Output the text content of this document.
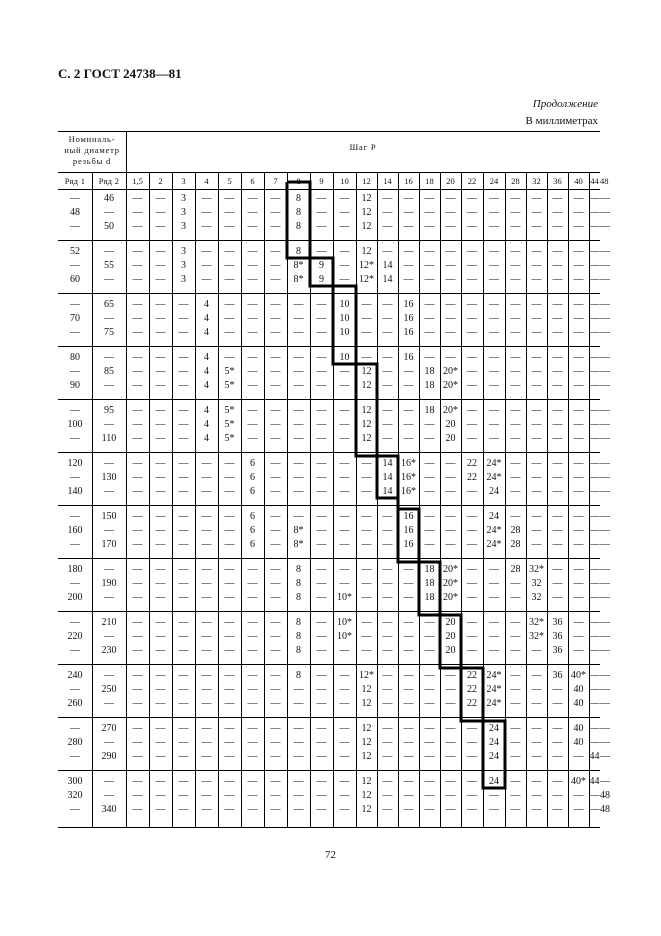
С. 2 ГОСТ 24738—81
Продолжение
В миллиметрах
Номиналь-
ный диаметр
резьбы d
Шаг P
Ряд 1	Ряд 2	1,5	2	3	4	5	6	7	8	9	10	12	14	16	18	20	22	24	28	32	36	40 44 48
—	46	—	—	3	—	—	—	—	8	—	—	12	—	—	—	—	—	—	—	—	—	— — —
48	—	—	—	3	—	—	—	—	8	—	—	12	—	—	—	—	—	—	—	—	—	— — —
—	50	—	—	3	—	—	—	—	8	—	—	12	—	—	—	—	—	—	—	—	—	— — —
52	—	—	—	3	—	—	—	—	8	—	—	12	—	—	—	—	—	—	—	—	—	— — —
—	55	—	—	3	—	—	—	—	8*	9	— 12* 14	—	—	—	—	—	—	—	—	— — —
60	—	—	—	3	—	—	—	—	8*	9	— 12* 14	—	—	—	—	—	—	—	—	— — —
—	65	—	—	—	4	—	—	—	—	—	10	—	—	16	—	—	—	—	—	—	—	— — —
70	—	—	—	—	4	—	—	—	—	—	10	—	—	16	—	—	—	—	—	—	—	— — —
—	75	—	—	—	4	—	—	—	—	—	10	—	—	16	—	—	—	—	—	—	—	— — —
80	—	—	—	—	4	—	—	—	—	—	10	—	—	16	—	—	—	—	—	—	—	— — —
—	85	—	—	—	4	5*	—	—	—	—	—	12	—	—	18 20* —	—	—	—	—	— — —
90	—	—	—	—	4	5*	—	—	—	—	—	12	—	—	18 20* —	—	—	—	—	— — —
—	95	—	—	—	4	5*	—	—	—	—	—	12	—	—	18 20* —	—	—	—	—	— — —
100	—	—	—	—	4	5*	—	—	—	—	—	12	—	—	—	20	—	—	—	—	—	— — —
—	110	—	—	—	4	5*	—	—	—	—	—	12	—	—	—	20	—	—	—	—	—	— — —
120	—	—	—	—	—	—	6	—	—	—	—	—	14 16* —	—	22 24* —	—	—	— — —
—	130	—	—	—	—	—	6	—	—	—	—	—	14 16* —	—	22 24* —	—	—	— — —
140	—	—	—	—	—	—	6	—	—	—	—	—	14 16* —	—	—	24	—	—	—	— — —
—	150	—	—	—	—	—	6	—	—	—	—	—	—	16	—	—	—	24	—	—	—	— — —
160	—	—	—	—	—	—	6	—	8*	—	—	—	—	16	—	—	— 24* 28	—	—	— — —
—	170	—	—	—	—	—	6	—	8*	—	—	—	—	16	—	—	— 24* 28	—	—	— — —
180	—	—	—	—	—	—	—	—	8	—	—	—	—	—	18 20* —	—	28 32* —	— — —
—	190	—	—	—	—	—	—	—	8	—	—	—	—	—	18 20* —	—	—	32	—	— — —
200	—	—	—	—	—	—	—	—	8	—	10* —	—	—	18 20* —	—	—	32	—	— — —
—	210	—	—	—	—	—	—	—	8	—	10* —	—	—	—	20	—	—	— 32* 36	— — —
220	—	—	—	—	—	—	—	—	8	—	10* —	—	—	—	20	—	—	— 32* 36	— — —
—	230	—	—	—	—	—	—	—	8	—	—	—	—	—	—	20	—	—	—	—	36	— — —
240	—	—	—	—	—	—	—	—	8	—	— 12* —	—	—	—	22 24* —	—	36 40* — —
—	250	—	—	—	—	—	—	—	—	—	—	12	—	—	—	—	22 24* —	—	—	40 — —
260	—	—	—	—	—	—	—	—	—	—	—	12	—	—	—	—	22 24* —	—	—	40 — —
—	270	—	—	—	—	—	—	—	—	—	—	12	—	—	—	—	—	24	—	—	—	40 — —
280	—	—	—	—	—	—	—	—	—	—	—	12	—	—	—	—	—	24	—	—	—	40 — —
—	290	—	—	—	—	—	—	—	—	—	—	12	—	—	—	—	—	24	—	—	—	— 44 —
300	—	—	—	—	—	—	—	—	—	—	—	12	—	—	—	—	—	24	—	—	— 40* 44 —
320	—	—	—	—	—	—	—	—	—	—	—	12	—	—	—	—	—	—	—	—	—	— — 48
—	340	—	—	—	—	—	—	—	—	—	—	12	—	—	—	—	—	—	—	—	—	— — 48
72
